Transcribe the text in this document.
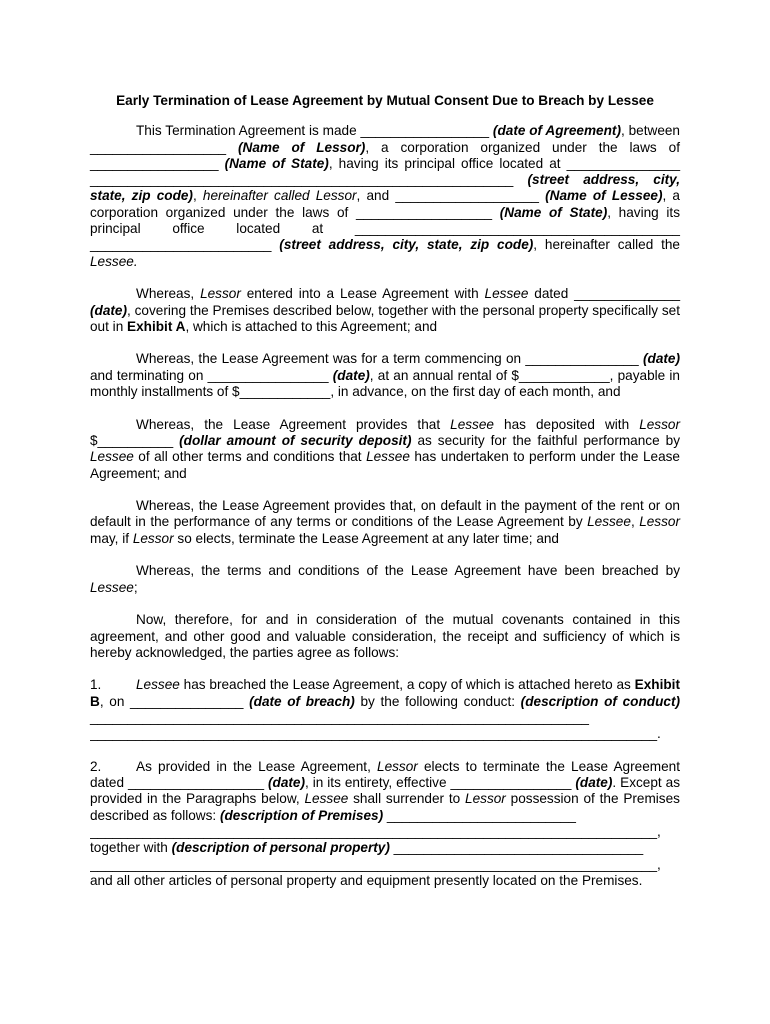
Early Termination of Lease Agreement by Mutual Consent Due to Breach by Lessee

This Termination Agreement is made _________________ (date of Agreement), between __________________ (Name of Lessor), a corporation organized under the laws of _________________ (Name of State), having its principal office located at _______________ ________________________________________________________ (street address, city, state, zip code), hereinafter called Lessor, and ___________________ (Name of Lessee), a corporation organized under the laws of __________________ (Name of State), having its principal office located at ___________________________________________ ________________________ (street address, city, state, zip code), hereinafter called the Lessee.

Whereas, Lessor entered into a Lease Agreement with Lessee dated ______________ (date), covering the Premises described below, together with the personal property specifically set out in Exhibit A, which is attached to this Agreement; and

Whereas, the Lease Agreement was for a term commencing on _______________ (date) and terminating on ________________ (date), at an annual rental of $____________, payable in monthly installments of $____________, in advance, on the first day of each month, and

Whereas, the Lease Agreement provides that Lessee has deposited with Lessor $__________ (dollar amount of security deposit) as security for the faithful performance by Lessee of all other terms and conditions that Lessee has undertaken to perform under the Lease Agreement; and

Whereas, the Lease Agreement provides that, on default in the payment of the rent or on default in the performance of any terms or conditions of the Lease Agreement by Lessee, Lessor may, if Lessor so elects, terminate the Lease Agreement at any later time; and

Whereas, the terms and conditions of the Lease Agreement have been breached by Lessee;

Now, therefore, for and in consideration of the mutual covenants contained in this agreement, and other good and valuable consideration, the receipt and sufficiency of which is hereby acknowledged, the parties agree as follows:

1.	Lessee has breached the Lease Agreement, a copy of which is attached hereto as Exhibit B, on _______________ (date of breach) by the following conduct: (description of conduct) __________________________________________________________________
___________________________________________________________________________.

2.	As provided in the Lease Agreement, Lessor elects to terminate the Lease Agreement dated __________________ (date), in its entirety, effective ________________ (date). Except as provided in the Paragraphs below, Lessee shall surrender to Lessor possession of the Premises described as follows: (description of Premises) _________________________
___________________________________________________________________________,
together with (description of personal property) _________________________________
___________________________________________________________________________,
and all other articles of personal property and equipment presently located on the Premises.
